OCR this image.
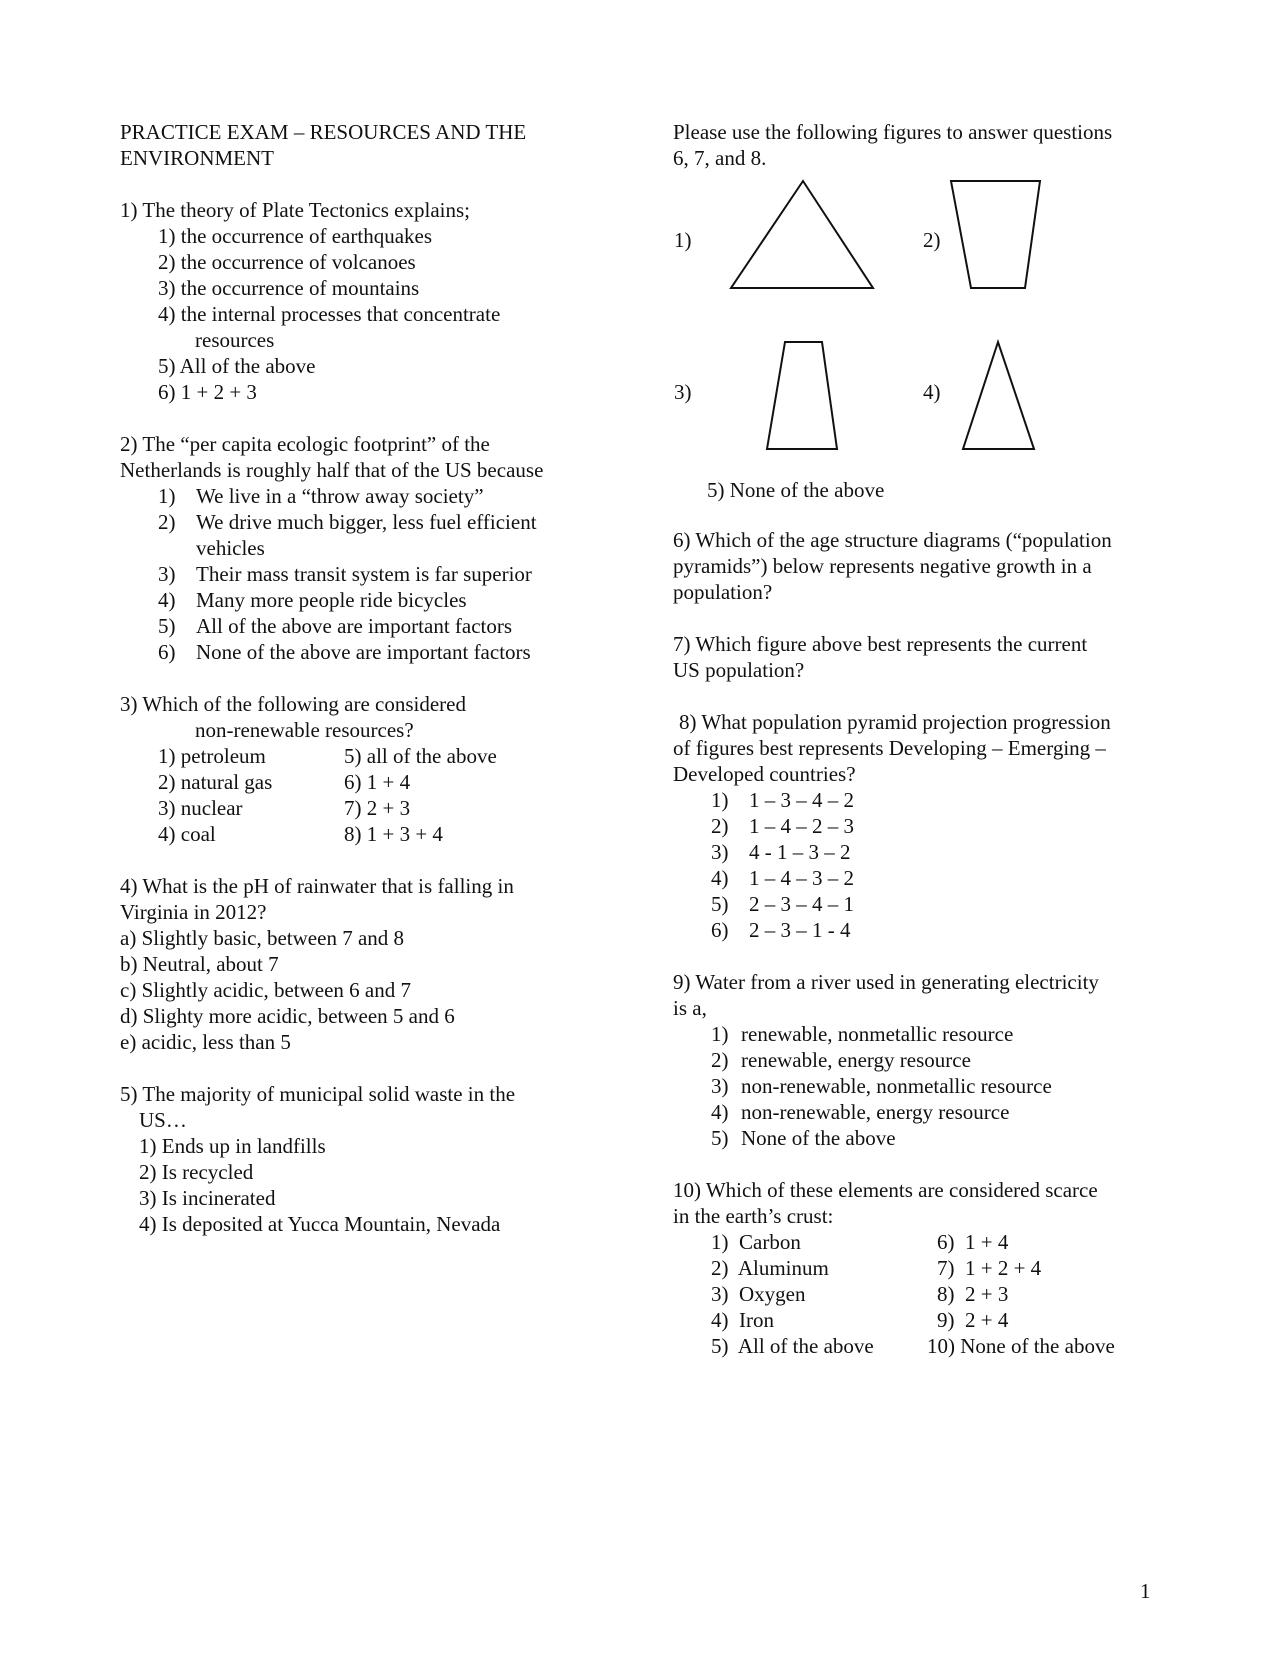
PRACTICE EXAM – RESOURCES AND THE
ENVIRONMENT
1) The theory of Plate Tectonics explains;
1) the occurrence of earthquakes
2) the occurrence of volcanoes
3) the occurrence of mountains
4) the internal processes that concentrate
resources
5) All of the above
6) 1 + 2 + 3
2) The “per capita ecologic footprint” of the
Netherlands is roughly half that of the US because
1) We live in a “throw away society”
2) We drive much bigger, less fuel efficient
vehicles
3) Their mass transit system is far superior
4) Many more people ride bicycles
5) All of the above are important factors
6) None of the above are important factors
3) Which of the following are considered
non-renewable resources?
1) petroleum	5) all of the above
2) natural gas	6) 1 + 4
3) nuclear	7) 2 + 3
4) coal	8) 1 + 3 + 4
4) What is the pH of rainwater that is falling in
Virginia in 2012?
a) Slightly basic, between 7 and 8
b) Neutral, about 7
c) Slightly acidic, between 6 and 7
d) Slighty more acidic, between 5 and 6
e) acidic, less than 5
5) The majority of municipal solid waste in the
US…
1) Ends up in landfills
2) Is recycled
3) Is incinerated
4) Is deposited at Yucca Mountain, Nevada
Please use the following figures to answer questions
6, 7, and 8.
1)	2)
3)	4)
5) None of the above
6) Which of the age structure diagrams (“population
pyramids”) below represents negative growth in a
population?
7) Which figure above best represents the current
US population?
8) What population pyramid projection progression
of figures best represents Developing – Emerging –
Developed countries?
1) 1 – 3 – 4 – 2
2) 1 – 4 – 2 – 3
3) 4 - 1 – 3 – 2
4) 1 – 4 – 3 – 2
5) 2 – 3 – 4 – 1
6) 2 – 3 – 1 - 4
9) Water from a river used in generating electricity
is a,
1) renewable, nonmetallic resource
2) renewable, energy resource
3) non-renewable, nonmetallic resource
4) non-renewable, energy resource
5) None of the above
10) Which of these elements are considered scarce
in the earth’s crust:
1)  Carbon	6)  1 + 4
2)  Aluminum	7)  1 + 2 + 4
3)  Oxygen	8)  2 + 3
4)  Iron	9)  2 + 4
5)  All of the above	10) None of the above
1
